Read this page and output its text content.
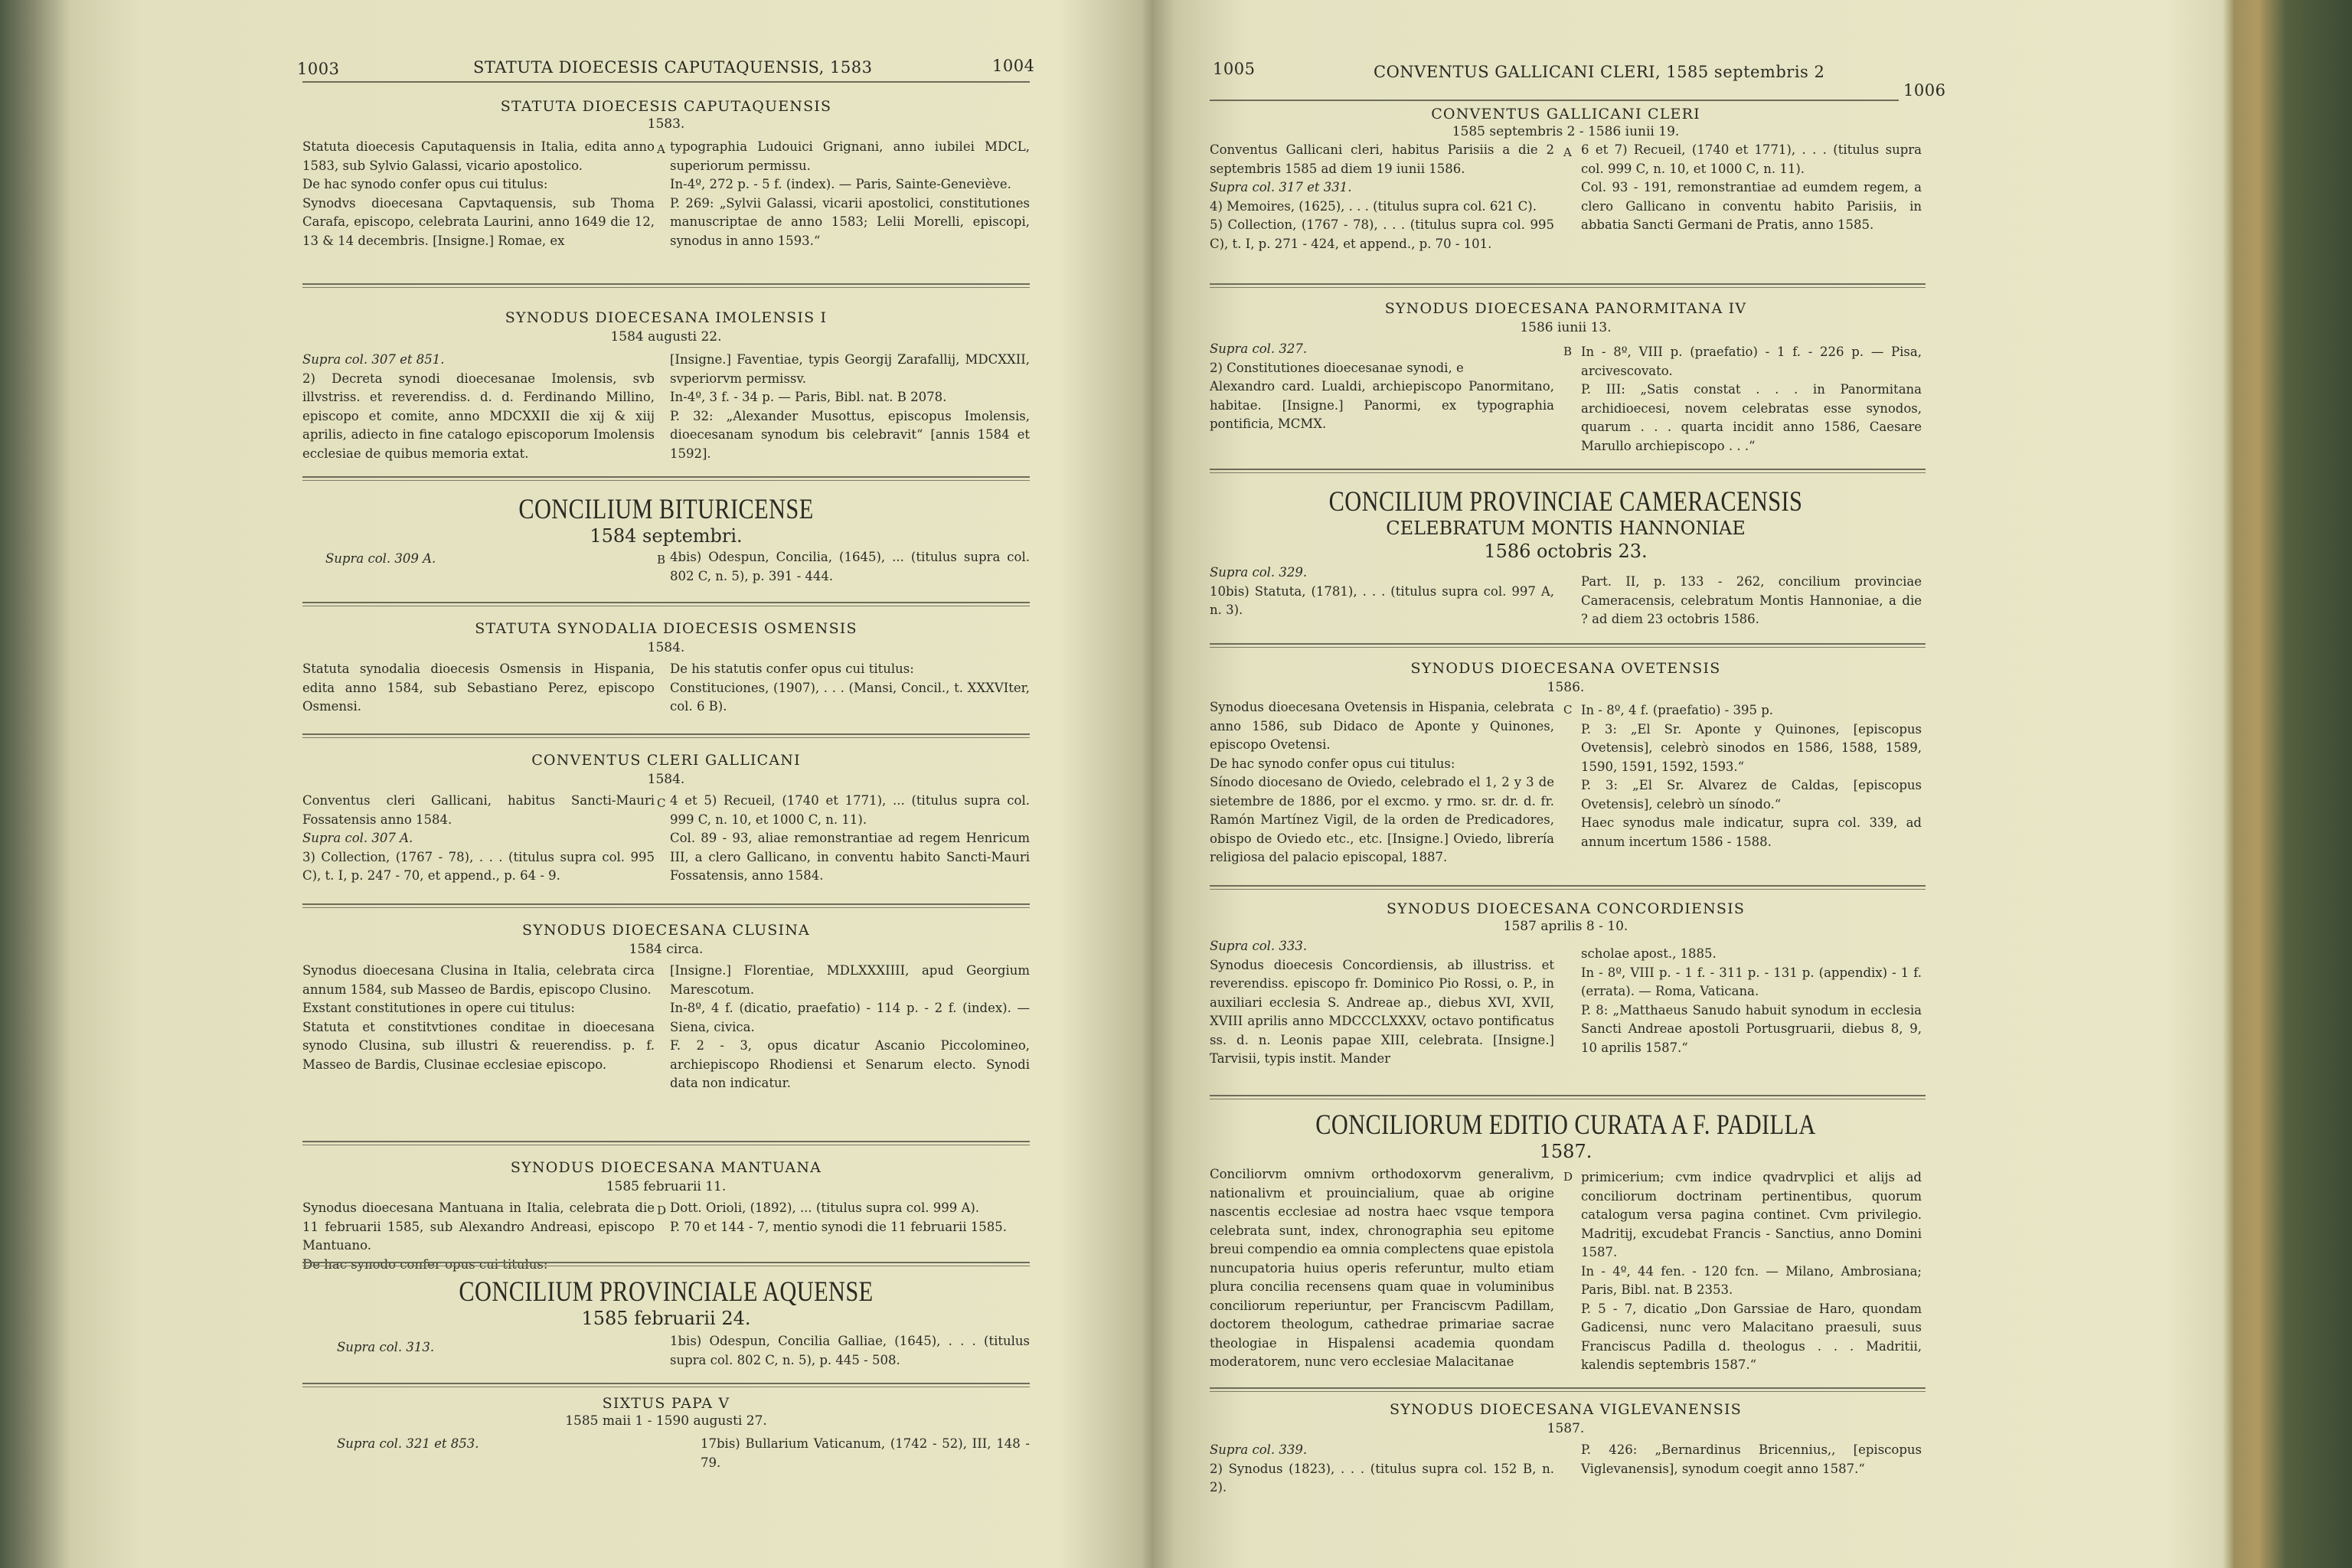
1003	STATUTA DIOECESIS CAPUTAQUENSIS, 1583	1004
STATUTA DIOECESIS CAPUTAQUENSIS
1583.

Statuta dioecesis Caputaquensis in Italia, edita anno 1583, sub Sylvio Galassi, vicario apostolico.

De hac synodo confer opus cui titulus:

Synodvs dioecesana Capvtaquensis, sub Thoma Carafa, episcopo, celebrata Laurini, anno 1649 die 12, 13 & 14 decembris. [Insigne.] Romae, ex

A typographia Ludouici Grignani, anno iubilei MDCL, superiorum permissu.

In-4º, 272 p. - 5 f. (index). — Paris, Sainte-Geneviève.

P. 269: „Sylvii Galassi, vicarii apostolici, constitutiones manuscriptae de anno 1583; Lelii Morelli, episcopi, synodus in anno 1593.“

SYNODUS DIOECESANA IMOLENSIS I
1584 augusti 22.

Supra col. 307 et 851.

2) Decreta synodi dioecesanae Imolensis, svb illvstriss. et reverendiss. d. d. Ferdinando Millino, episcopo et comite, anno MDCXXII die xij & xiij aprilis, adiecto in fine catalogo episcoporum Imolensis ecclesiae de quibus memoria extat.

[Insigne.] Faventiae, typis Georgij Zarafallij, MDCXXII, svperiorvm permissv.

In-4º, 3 f. - 34 p. — Paris, Bibl. nat. B 2078.

P. 32: „Alexander Musottus, episcopus Imolensis, dioecesanam synodum bis celebravit“ [annis 1584 et 1592].

CONCILIUM BITURICENSE
1584 septembri.

Supra col. 309 A.	B 4bis) Odespun, Concilia, (1645), ... (titulus supra col. 802 C, n. 5), p. 391 - 444.

STATUTA SYNODALIA DIOECESIS OSMENSIS
1584.

Statuta synodalia dioecesis Osmensis in Hispania, edita anno 1584, sub Sebastiano Perez, episcopo Osmensi.

De his statutis confer opus cui titulus:

Constituciones, (1907), . . . (Mansi, Concil., t. XXXVIter, col. 6 B).

CONVENTUS CLERI GALLICANI
1584.

Conventus cleri Gallicani, habitus Sancti-Mauri Fossatensis anno 1584.

Supra col. 307 A.

3) Collection, (1767 - 78), . . . (titulus supra col. 995 C), t. I, p. 247 - 70, et append., p. 64 - 9.

C 4 et 5) Recueil, (1740 et 1771), ... (titulus supra col. 999 C, n. 10, et 1000 C, n. 11).

Col. 89 - 93, aliae remonstrantiae ad regem Henricum III, a clero Gallicano, in conventu habito Sancti-Mauri Fossatensis, anno 1584.

SYNODUS DIOECESANA CLUSINA
1584 circa.

Synodus dioecesana Clusina in Italia, celebrata circa annum 1584, sub Masseo de Bardis, episcopo Clusino.

Exstant constitutiones in opere cui titulus:

Statuta et constitvtiones conditae in dioecesana synodo Clusina, sub illustri & reuerendiss. p. f. Masseo de Bardis, Clusinae ecclesiae episcopo.

[Insigne.] Florentiae, MDLXXXIIII, apud Georgium Marescotum.

In-8º, 4 f. (dicatio, praefatio) - 114 p. - 2 f. (index). — Siena, civica.

F. 2 - 3, opus dicatur Ascanio Piccolomineo, archiepiscopo Rhodiensi et Senarum electo. Synodi data non indicatur.

SYNODUS DIOECESANA MANTUANA
1585 februarii 11.

Synodus dioecesana Mantuana in Italia, celebrata die 11 februarii 1585, sub Alexandro Andreasi, episcopo Mantuano.

De hac synodo confer opus cui titulus:

D Dott. Orioli, (1892), ... (titulus supra col. 999 A).

P. 70 et 144 - 7, mentio synodi die 11 februarii 1585.

CONCILIUM PROVINCIALE AQUENSE
1585 februarii 24.

Supra col. 313.	1bis) Odespun, Concilia Galliae, (1645), . . . (titulus supra col. 802 C, n. 5), p. 445 - 508.

SIXTUS PAPA V
1585 maii 1 - 1590 augusti 27.

Supra col. 321 et 853.	17bis) Bullarium Vaticanum, (1742 - 52), III, 148 - 79.

1005	CONVENTUS GALLICANI CLERI, 1585 septembris 2
1006
CONVENTUS GALLICANI CLERI
1585 septembris 2 - 1586 iunii 19.

Conventus Gallicani cleri, habitus Parisiis a die 2 septembris 1585 ad diem 19 iunii 1586.

Supra col. 317 et 331.

4) Memoires, (1625), . . . (titulus supra col. 621 C).

5) Collection, (1767 - 78), . . . (titulus supra col. 995 C), t. I, p. 271 - 424, et append., p. 70 - 101.

A 6 et 7) Recueil, (1740 et 1771), . . . (titulus supra col. 999 C, n. 10, et 1000 C, n. 11).

Col. 93 - 191, remonstrantiae ad eumdem regem, a clero Gallicano in conventu habito Parisiis, in abbatia Sancti Germani de Pratis, anno 1585.

SYNODUS DIOECESANA PANORMITANA IV
1586 iunii 13.

Supra col. 327.

2) Constitutiones dioecesanae synodi, e

Alexandro card. Lualdi, archiepiscopo Panormitano, habitae. [Insigne.] Panormi, ex typographia pontificia, MCMX.

B In - 8º, VIII p. (praefatio) - 1 f. - 226 p. — Pisa, arcivescovato.

P. III: „Satis constat . . . in Panormitana archidioecesi, novem celebratas esse synodos, quarum . . . quarta incidit anno 1586, Caesare Marullo archiepiscopo . . .“

CONCILIUM PROVINCIAE CAMERACENSIS
CELEBRATUM MONTIS HANNONIAE
1586 octobris 23.

Supra col. 329.

10bis) Statuta, (1781), . . . (titulus supra col. 997 A, n. 3).

Part. II, p. 133 - 262, concilium provinciae Cameracensis, celebratum Montis Hannoniae, a die ? ad diem 23 octobris 1586.

SYNODUS DIOECESANA OVETENSIS
1586.

Synodus dioecesana Ovetensis in Hispania, celebrata anno 1586, sub Didaco de Aponte y Quinones, episcopo Ovetensi.

De hac synodo confer opus cui titulus:

Sínodo diocesano de Oviedo, celebrado el 1, 2 y 3 de sietembre de 1886, por el excmo. y rmo. sr. dr. d. fr. Ramón Martínez Vigil, de la orden de Predicadores, obispo de Oviedo etc., etc. [Insigne.] Oviedo, librería religiosa del palacio episcopal, 1887.

C In - 8º, 4 f. (praefatio) - 395 p.

P. 3: „El Sr. Aponte y Quinones, [episcopus Ovetensis], celebrò sinodos en 1586, 1588, 1589, 1590, 1591, 1592, 1593.“

P. 3: „El Sr. Alvarez de Caldas, [episcopus Ovetensis], celebrò un sínodo.“

Haec synodus male indicatur, supra col. 339, ad annum incertum 1586 - 1588.

SYNODUS DIOECESANA CONCORDIENSIS
1587 aprilis 8 - 10.

Supra col. 333.

Synodus dioecesis Concordiensis, ab illustriss. et reverendiss. episcopo fr. Dominico Pio Rossi, o. P., in auxiliari ecclesia S. Andreae ap., diebus XVI, XVII, XVIII aprilis anno MDCCCLXXXV, octavo pontificatus ss. d. n. Leonis papae XIII, celebrata. [Insigne.] Tarvisii, typis instit. Mander

scholae apost., 1885.

In - 8º, VIII p. - 1 f. - 311 p. - 131 p. (appendix) - 1 f. (errata). — Roma, Vaticana.

P. 8: „Matthaeus Sanudo habuit synodum in ecclesia Sancti Andreae apostoli Portusgruarii, diebus 8, 9, 10 aprilis 1587.“

CONCILIORUM EDITIO CURATA A F. PADILLA
1587.

Conciliorvm omnivm orthodoxorvm generalivm, nationalivm et prouincialium, quae ab origine nascentis ecclesiae ad nostra haec vsque tempora celebrata sunt, index, chronographia seu epitome breui compendio ea omnia complectens quae epistola nuncupatoria huius operis referuntur, multo etiam plura concilia recensens quam quae in voluminibus conciliorum reperiuntur, per Franciscvm Padillam, doctorem theologum, cathedrae primariae sacrae theologiae in Hispalensi academia quondam moderatorem, nunc vero ecclesiae Malacitanae

D primicerium; cvm indice qvadrvplici et alijs ad conciliorum doctrinam pertinentibus, quorum catalogum versa pagina continet. Cvm privilegio. Madritij, excudebat Francis - Sanctius, anno Domini 1587.

In - 4º, 44 fen. - 120 fcn. — Milano, Ambrosiana; Paris, Bibl. nat. B 2353.

P. 5 - 7, dicatio „Don Garssiae de Haro, quondam Gadicensi, nunc vero Malacitano praesuli, suus Franciscus Padilla d. theologus . . . Madritii, kalendis septembris 1587.“

SYNODUS DIOECESANA VIGLEVANENSIS
1587.

Supra col. 339.

2) Synodus (1823), . . . (titulus supra col. 152 B, n. 2).

P. 426: „Bernardinus Bricennius,, [episcopus Viglevanensis], synodum coegit anno 1587.“
